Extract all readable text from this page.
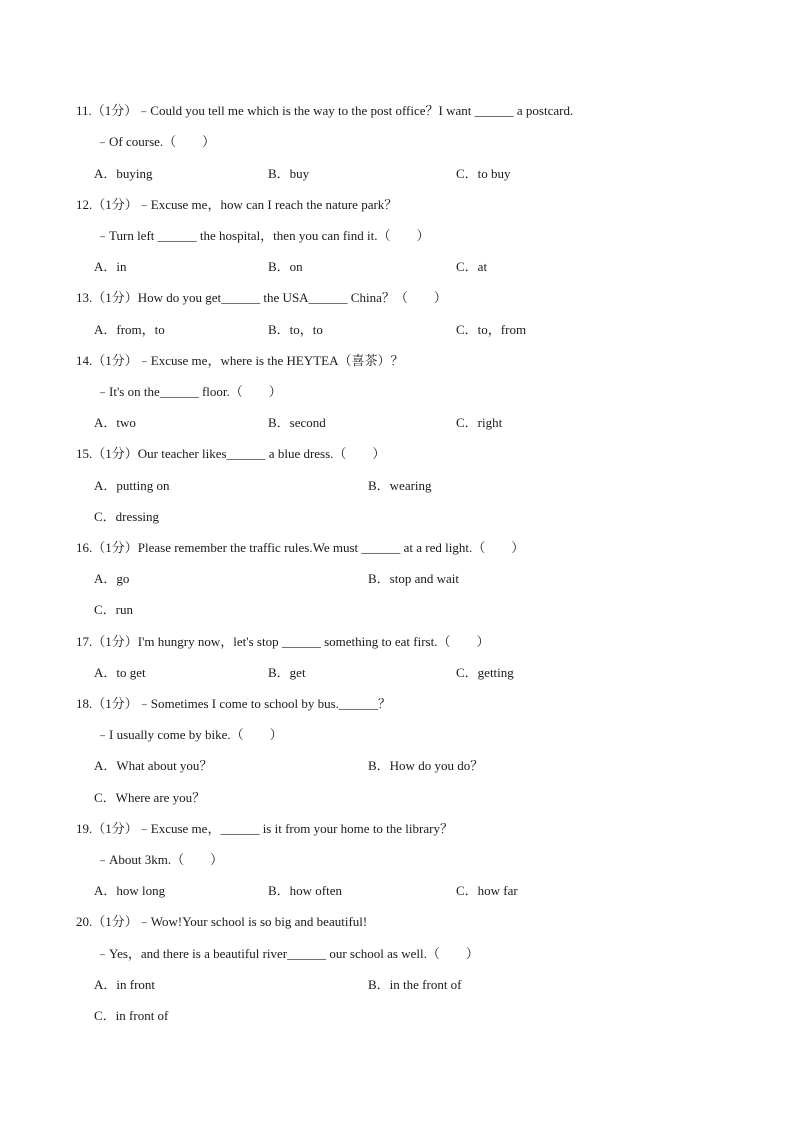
11.（1分）﹣Could you tell me which is the way to the post office？I want ______ a postcard.
﹣Of course.（　　）
A．buying	B．buy	C．to buy
12.（1分）﹣Excuse me，how can I reach the nature park？
﹣Turn left ______ the hospital，then you can find it.（　　）
A．in	B．on	C．at
13.（1分）How do you get______ the USA______ China？（　　）
A．from，to	B．to，to	C．to，from
14.（1分）﹣Excuse me，where is the HEYTEA（喜茶）？
﹣It's on the______ floor.（　　）
A．two	B．second	C．right
15.（1分）Our teacher likes______ a blue dress.（　　）
A．putting on	B．wearing
C．dressing
16.（1分）Please remember the traffic rules.We must ______ at a red light.（　　）
A．go	B．stop and wait
C．run
17.（1分）I'm hungry now，let's stop ______ something to eat first.（　　）
A．to get	B．get	C．getting
18.（1分）﹣Sometimes I come to school by bus.______？
﹣I usually come by bike.（　　）
A．What about you？	B．How do you do？
C．Where are you？
19.（1分）﹣Excuse me，______ is it from your home to the library？
﹣About 3km.（　　）
A．how long	B．how often	C．how far
20.（1分）﹣Wow!Your school is so big and beautiful!
﹣Yes，and there is a beautiful river______ our school as well.（　　）
A．in front	B．in the front of
C．in front of
